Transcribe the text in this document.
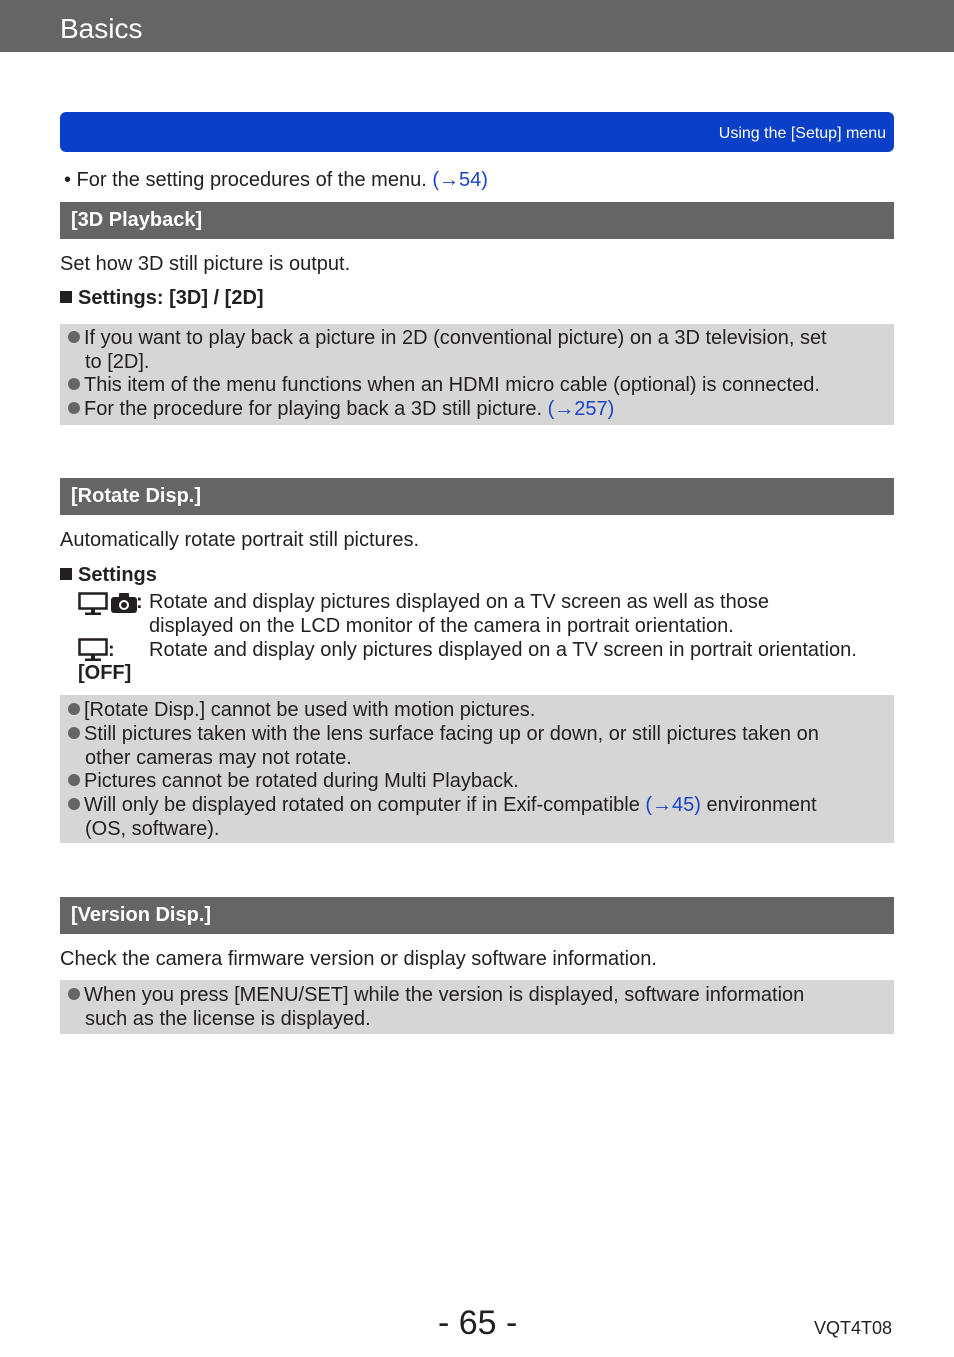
Basics
Using the [Setup] menu
• For the setting procedures of the menu. (→54)
[3D Playback]
Set how 3D still picture is output.
Settings: [3D] / [2D]
If you want to play back a picture in 2D (conventional picture) on a 3D television, set
to [2D].
This item of the menu functions when an HDMI micro cable (optional) is connected.
For the procedure for playing back a 3D still picture. (→257)
[Rotate Disp.]
Automatically rotate portrait still pictures.
Settings
: Rotate and display pictures displayed on a TV screen as well as those
displayed on the LCD monitor of the camera in portrait orientation.
: Rotate and display only pictures displayed on a TV screen in portrait orientation.
[OFF]
[Rotate Disp.] cannot be used with motion pictures.
Still pictures taken with the lens surface facing up or down, or still pictures taken on
other cameras may not rotate.
Pictures cannot be rotated during Multi Playback.
Will only be displayed rotated on computer if in Exif-compatible (→45) environment
(OS, software).
[Version Disp.]
Check the camera firmware version or display software information.
When you press [MENU/SET] while the version is displayed, software information
such as the license is displayed.
- 65 -	VQT4T08
